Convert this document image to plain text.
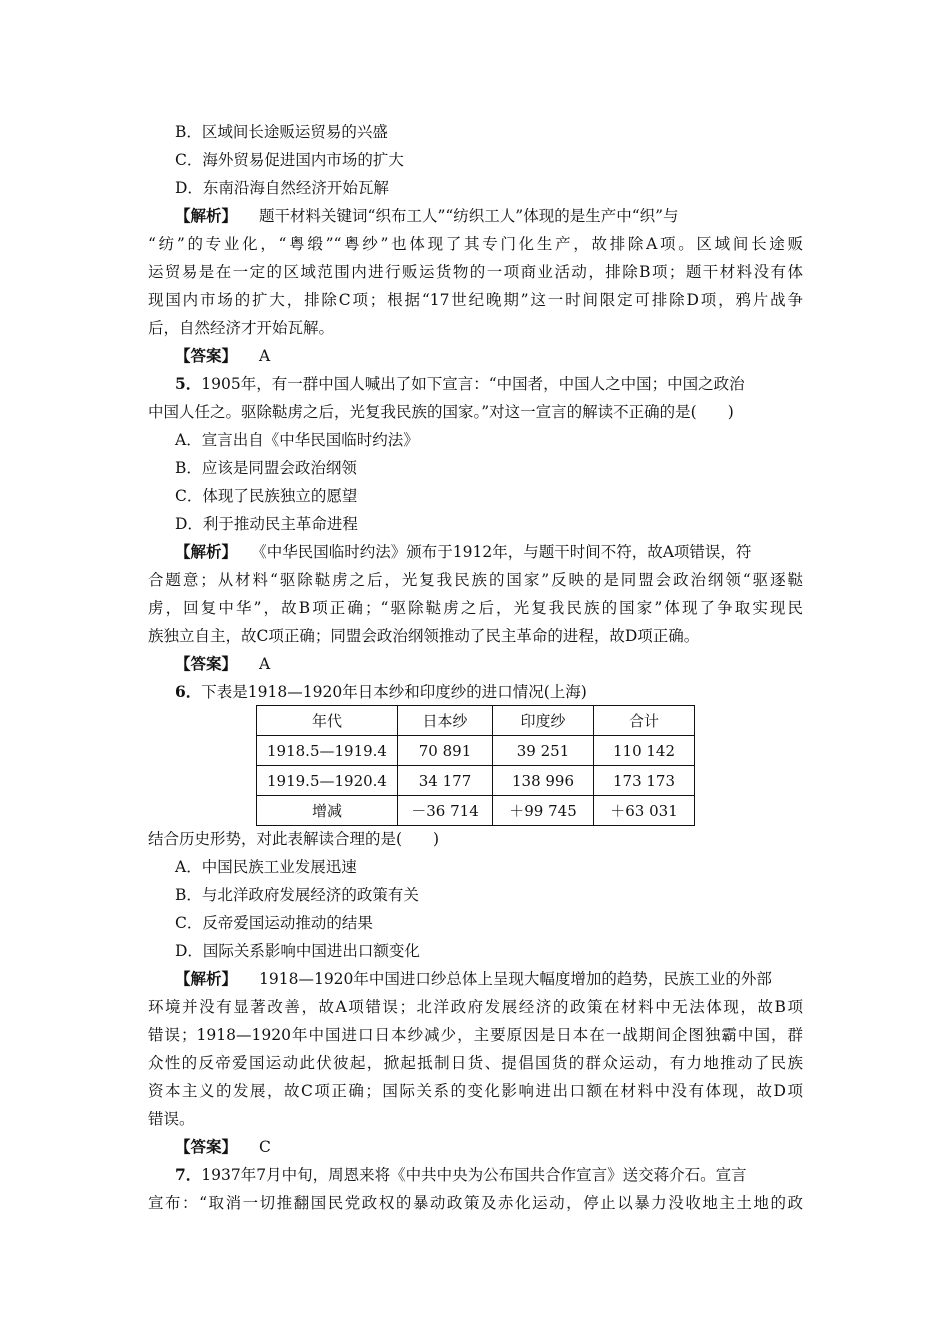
B．区域间长途贩运贸易的兴盛
C．海外贸易促进国内市场的扩大
D．东南沿海自然经济开始瓦解
【解析】 题干材料关键词“织布工人”“纺织工人”体现的是生产中“织”与
“纺”的专业化，“粤缎”“粤纱”也体现了其专门化生产，故排除A项。区域间长途贩
运贸易是在一定的区域范围内进行贩运货物的一项商业活动，排除B项；题干材料没有体
现国内市场的扩大，排除C项；根据“17世纪晚期”这一时间限定可排除D项，鸦片战争
后，自然经济才开始瓦解。
【答案】 A
5．1905年，有一群中国人喊出了如下宣言：“中国者，中国人之中国；中国之政治
中国人任之。驱除鞑虏之后，光复我民族的国家。”对这一宣言的解读不正确的是(　　)
A．宣言出自《中华民国临时约法》
B．应该是同盟会政治纲领
C．体现了民族独立的愿望
D．利于推动民主革命进程
【解析】 《中华民国临时约法》颁布于1912年，与题干时间不符，故A项错误，符
合题意；从材料“驱除鞑虏之后，光复我民族的国家”反映的是同盟会政治纲领“驱逐鞑
虏，回复中华”，故B项正确；“驱除鞑虏之后，光复我民族的国家”体现了争取实现民
族独立自主，故C项正确；同盟会政治纲领推动了民主革命的进程，故D项正确。
【答案】 A
6．下表是1918—1920年日本纱和印度纱的进口情况(上海)
年代	日本纱	印度纱	合计
1918.5—1919.4	70 891	39 251	110 142
1919.5—1920.4	34 177	138 996	173 173
增减	－36 714	＋99 745	＋63 031
结合历史形势，对此表解读合理的是(　　)
A．中国民族工业发展迅速
B．与北洋政府发展经济的政策有关
C．反帝爱国运动推动的结果
D．国际关系影响中国进出口额变化
【解析】 1918—1920年中国进口纱总体上呈现大幅度增加的趋势，民族工业的外部
环境并没有显著改善，故A项错误；北洋政府发展经济的政策在材料中无法体现，故B项
错误；1918—1920年中国进口日本纱减少，主要原因是日本在一战期间企图独霸中国，群
众性的反帝爱国运动此伏彼起，掀起抵制日货、提倡国货的群众运动，有力地推动了民族
资本主义的发展，故C项正确；国际关系的变化影响进出口额在材料中没有体现，故D项
错误。
【答案】 C
7．1937年7月中旬，周恩来将《中共中央为公布国共合作宣言》送交蒋介石。宣言
宣布：“取消一切推翻国民党政权的暴动政策及赤化运动，停止以暴力没收地主土地的政
